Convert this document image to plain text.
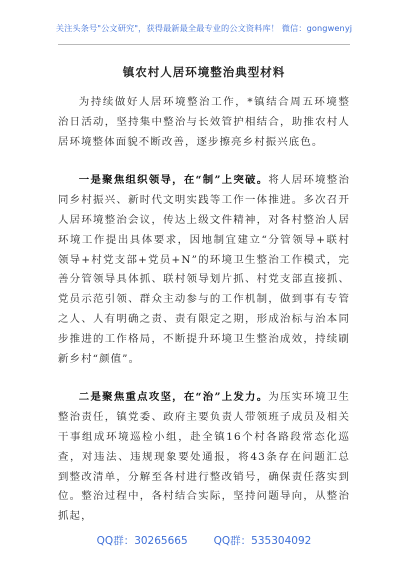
关注头条号"公文研究"，获得最新最全最专业的公文资料库！ 微信：gongwenyj
镇农村人居环境整治典型材料

为持续做好人居环境整治工作，*镇结合周五环境整治日活动，坚持集中整治与长效管护相结合，助推农村人居环境整体面貌不断改善，逐步擦亮乡村振兴底色。

一是聚焦组织领导，在“制”上突破。将人居环境整治同乡村振兴、新时代文明实践等工作一体推进。多次召开人居环境整治会议，传达上级文件精神，对各村整治人居环境工作提出具体要求，因地制宜建立“分管领导+联村领导+村党支部+党员+N”的环境卫生整治工作模式，完善分管领导具体抓、联村领导划片抓、村党支部直接抓、党员示范引领、群众主动参与的工作机制，做到事有专管之人、人有明确之责、责有限定之期，形成治标与治本同步推进的工作格局，不断提升环境卫生整治成效，持续刷新乡村“颜值”。

二是聚焦重点攻坚，在“治”上发力。为压实环境卫生整治责任，镇党委、政府主要负责人带领班子成员及相关干事组成环境巡检小组，赴全镇16个村各路段常态化巡查，对违法、违规现象要处通报，将43条存在问题汇总到整改清单，分解至各村进行整改销号，确保责任落实到位。整治过程中，各村结合实际，坚持问题导向，从整治抓起，

QQ群：30265665 QQ群：535304092
